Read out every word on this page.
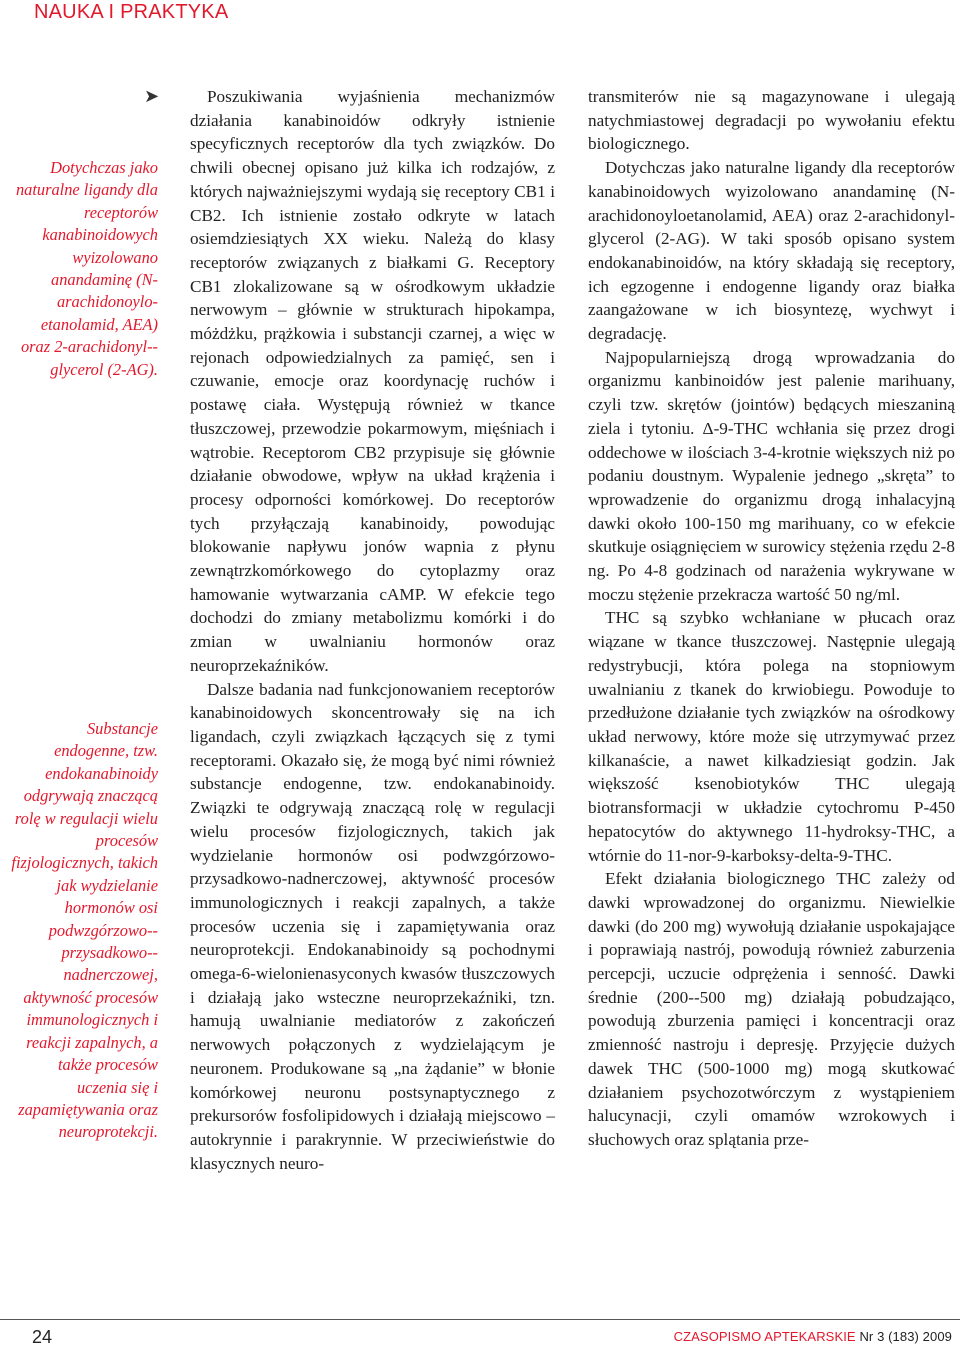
NAUKA I PRAKTYKA
➤
Dotychczas jako naturalne ligandy dla receptorów kanabinoidowych wyizolowano anandaminę (N-arachidonoylo-etanolamid, AEA) oraz 2-arachidonyl--glycerol (2-AG).
Substancje endogenne, tzw. endokanabinoidy odgrywają znaczącą rolę w regulacji wielu procesów fizjologicznych, takich jak wydzielanie hormonów osi podwzgórzowo--przysadkowo--nadnerczowej, aktywność procesów immunologicznych i reakcji zapalnych, a także procesów uczenia się i zapamiętywania oraz neuroprotekcji.

Poszukiwania wyjaśnienia mechanizmów działania kanabinoidów odkryły istnienie specyficznych receptorów dla tych związków. Do chwili obecnej opisano już kilka ich rodzajów, z których najważniejszymi wydają się receptory CB1 i CB2. Ich istnienie zostało odkryte w latach osiemdziesiątych XX wieku. Należą do klasy receptorów związanych z białkami G. Receptory CB1 zlokalizowane są w ośrodkowym układzie nerwowym – głównie w strukturach hipokampa, móżdżku, prążkowia i substancji czarnej, a więc w rejonach odpowiedzialnych za pamięć, sen i czuwanie, emocje oraz koordynację ruchów i postawę ciała. Występują również w tkance tłuszczowej, przewodzie pokarmowym, mięśniach i wątrobie. Receptorom CB2 przypisuje się głównie działanie obwodowe, wpływ na układ krążenia i procesy odporności komórkowej. Do receptorów tych przyłączają kanabinoidy, powodując blokowanie napływu jonów wapnia z płynu zewnątrzkomórkowego do cytoplazmy oraz hamowanie wytwarzania cAMP. W efekcie tego dochodzi do zmiany metabolizmu komórki i do zmian w uwalnianiu hormonów oraz neuroprzekaźników.

Dalsze badania nad funkcjonowaniem receptorów kanabinoidowych skoncentrowały się na ich ligandach, czyli związkach łączących się z tymi receptorami. Okazało się, że mogą być nimi również substancje endogenne, tzw. endokanabinoidy. Związki te odgrywają znaczącą rolę w regulacji wielu procesów fizjologicznych, takich jak wydzielanie hormonów osi podwzgórzowo-przysadkowo-nadnerczowej, aktywność procesów immunologicznych i reakcji zapalnych, a także procesów uczenia się i zapamiętywania oraz neuroprotekcji. Endokanabinoidy są pochodnymi omega-6-wielonienasyconych kwasów tłuszczowych i działają jako wsteczne neuroprzekaźniki, tzn. hamują uwalnianie mediatorów z zakończeń nerwowych połączonych z wydzielającym je neuronem. Produkowane są „na żądanie” w błonie komórkowej neuronu postsynaptycznego z prekursorów fosfolipidowych i działają miejscowo – autokrynnie i parakrynnie. W przeciwieństwie do klasycznych neuro-

transmiterów nie są magazynowane i ulegają natychmiastowej degradacji po wywołaniu efektu biologicznego.

Dotychczas jako naturalne ligandy dla receptorów kanabinoidowych wyizolowano anandaminę (N-arachidonoyloetanolamid, AEA) oraz 2-arachidonyl-glycerol (2-AG). W taki sposób opisano system endokanabinoidów, na który składają się receptory, ich egzogenne i endogenne ligandy oraz białka zaangażowane w ich biosyntezę, wychwyt i degradację.

Najpopularniejszą drogą wprowadzania do organizmu kanbinoidów jest palenie marihuany, czyli tzw. skrętów (jointów) będących mieszaniną ziela i tytoniu. Δ-9-THC wchłania się przez drogi oddechowe w ilościach 3-4-krotnie większych niż po podaniu doustnym. Wypalenie jednego „skręta” to wprowadzenie do organizmu drogą inhalacyjną dawki około 100-150 mg marihuany, co w efekcie skutkuje osiągnięciem w surowicy stężenia rzędu 2-8 ng. Po 4-8 godzinach od narażenia wykrywane w moczu stężenie przekracza wartość 50 ng/ml.

THC są szybko wchłaniane w płucach oraz wiązane w tkance tłuszczowej. Następnie ulegają redystrybucji, która polega na stopniowym uwalnianiu z tkanek do krwiobiegu. Powoduje to przedłużone działanie tych związków na ośrodkowy układ nerwowy, które może się utrzymywać przez kilkanaście, a nawet kilkadziesiąt godzin. Jak większość ksenobiotyków THC ulegają biotransformacji w układzie cytochromu P-450 hepatocytów do aktywnego 11-hydroksy-THC, a wtórnie do 11-nor-9-karboksy-delta-9-THC.

Efekt działania biologicznego THC zależy od dawki wprowadzonej do organizmu. Niewielkie dawki (do 200 mg) wywołują działanie uspokajające i poprawiają nastrój, powodują również zaburzenia percepcji, uczucie odprężenia i senność. Dawki średnie (200--500 mg) działają pobudzająco, powodują zburzenia pamięci i koncentracji oraz zmienność nastroju i depresję. Przyjęcie dużych dawek THC (500-1000 mg) mogą skutkować działaniem psychozotwórczym z wystąpieniem halucynacji, czyli omamów wzrokowych i słuchowych oraz splątania prze-

24	CZASOPISMO APTEKARSKIE Nr 3 (183) 2009
